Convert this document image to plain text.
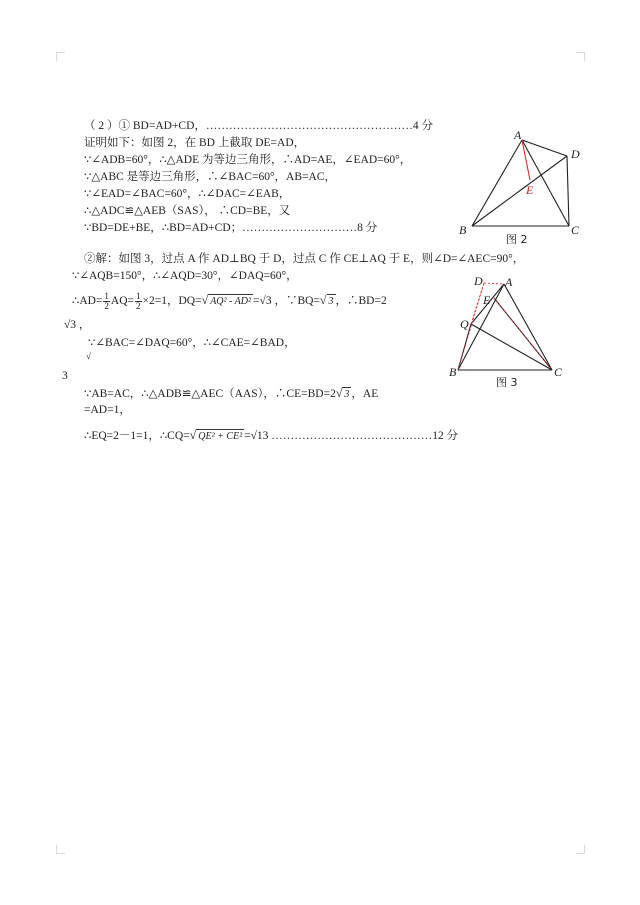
（ 2 ）① BD=AD+CD，………………………………………………4 分
证明如下：如图 2，在 BD 上截取 DE=AD，
∵∠ADB=60°，∴△ADE 为等边三角形，∴AD=AE，∠EAD=60°，
∵△ABC 是等边三角形，∴∠BAC=60°，AB=AC，
∵∠EAD=∠BAC=60°，∴∠DAC=∠EAB，
∴△ADC≌△AEB（SAS）， ∴CD=BE，又
∵BD=DE+BE，∴BD=AD+CD；…………………………8 分
②解：如图 3，过点 A 作 AD⊥BQ 于 D，过点 C 作 CE⊥AQ 于 E，则∠D=∠AEC=90°，
∵∠AQB=150°，∴∠AQD=30°，∠DAQ=60°，
∴AD= $\frac{1}{2} AQ= \frac{1}{2} \times 2=1$，DQ=√ AQ² - AD² =√3 ，∵BQ=√ 3 ，∴BD=2
√3 ，
∵∠BAC=∠DAQ=60°，∴∠CAE=∠BAD，
√
3
∵AB=AC，∴△ADB≌△AEC（AAS），∴CE=BD=2√ 3 ，AE
=AD=1，
∴EQ=2－1=1，∴CQ=√ QE² + CE² =√13 ……………………………………12 分
A
D
E
B	C
图 2
D A
E
Q
B	C
图 3
